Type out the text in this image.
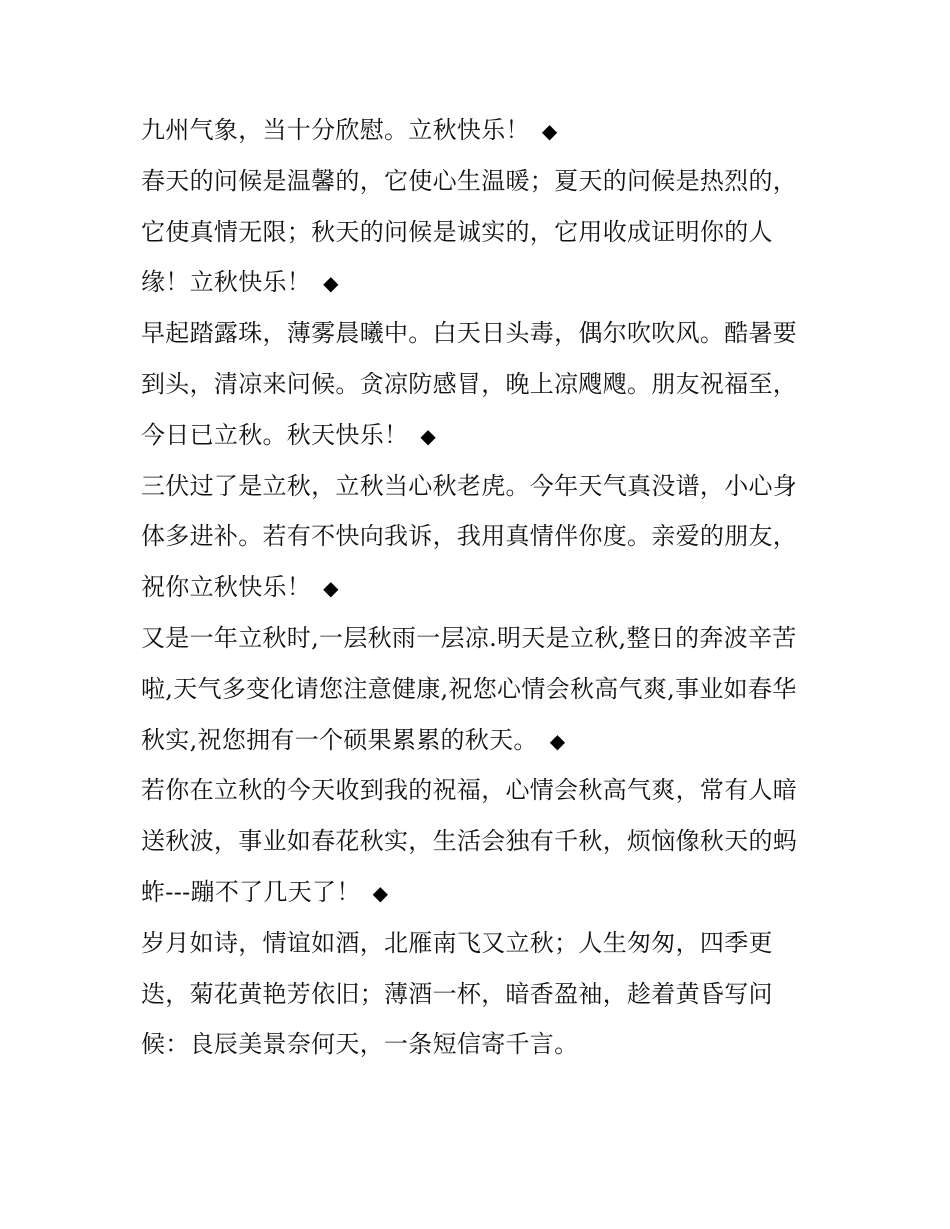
九州气象，当十分欣慰。立秋快乐！ ◆
春天的问候是温馨的，它使心生温暖；夏天的问候是热烈的，
它使真情无限；秋天的问候是诚实的，它用收成证明你的人
缘！立秋快乐！ ◆
早起踏露珠，薄雾晨曦中。白天日头毒，偶尔吹吹风。酷暑要
到头，清凉来问候。贪凉防感冒，晚上凉飕飕。朋友祝福至，
今日已立秋。秋天快乐！ ◆
三伏过了是立秋，立秋当心秋老虎。今年天气真没谱，小心身
体多进补。若有不快向我诉，我用真情伴你度。亲爱的朋友，
祝你立秋快乐！ ◆
又是一年立秋时,一层秋雨一层凉.明天是立秋,整日的奔波辛苦
啦,天气多变化请您注意健康,祝您心情会秋高气爽,事业如春华
秋实,祝您拥有一个硕果累累的秋天。 ◆
若你在立秋的今天收到我的祝福，心情会秋高气爽，常有人暗
送秋波，事业如春花秋实，生活会独有千秋，烦恼像秋天的蚂
蚱---蹦不了几天了！ ◆
岁月如诗，情谊如酒，北雁南飞又立秋；人生匆匆，四季更
迭，菊花黄艳芳依旧；薄酒一杯，暗香盈袖，趁着黄昏写问
候：良辰美景奈何天，一条短信寄千言。
